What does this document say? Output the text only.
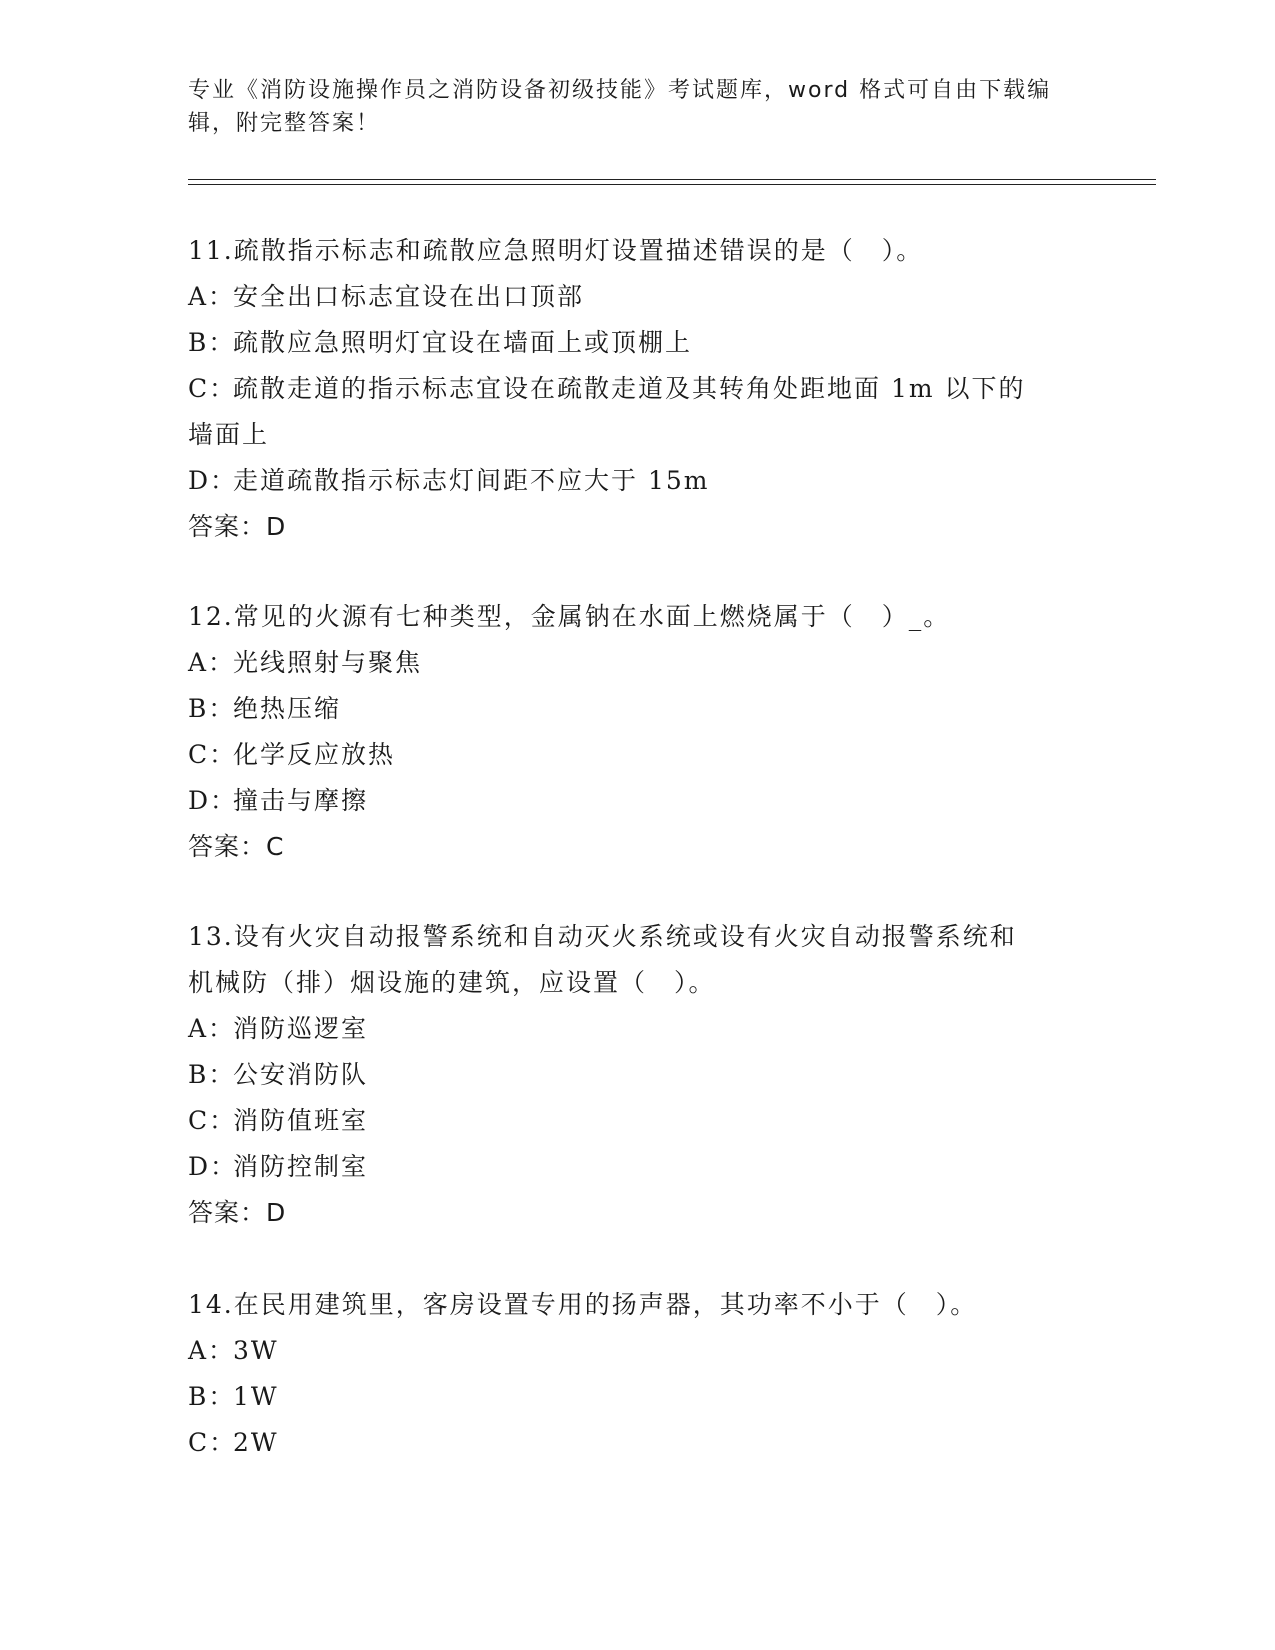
专业《消防设施操作员之消防设备初级技能》考试题库，word 格式可自由下载编
辑，附完整答案！
11.疏散指示标志和疏散应急照明灯设置描述错误的是（　）。
A：安全出口标志宜设在出口顶部
B：疏散应急照明灯宜设在墙面上或顶棚上
C：疏散走道的指示标志宜设在疏散走道及其转角处距地面 1m 以下的
墙面上
D：走道疏散指示标志灯间距不应大于 15m
答案：D
12.常见的火源有七种类型，金属钠在水面上燃烧属于（　）_。
A：光线照射与聚焦
B：绝热压缩
C：化学反应放热
D：撞击与摩擦
答案：C
13.设有火灾自动报警系统和自动灭火系统或设有火灾自动报警系统和
机械防（排）烟设施的建筑，应设置（　）。
A：消防巡逻室
B：公安消防队
C：消防值班室
D：消防控制室
答案：D
14.在民用建筑里，客房设置专用的扬声器，其功率不小于（　）。
A：3W
B：1W
C：2W
